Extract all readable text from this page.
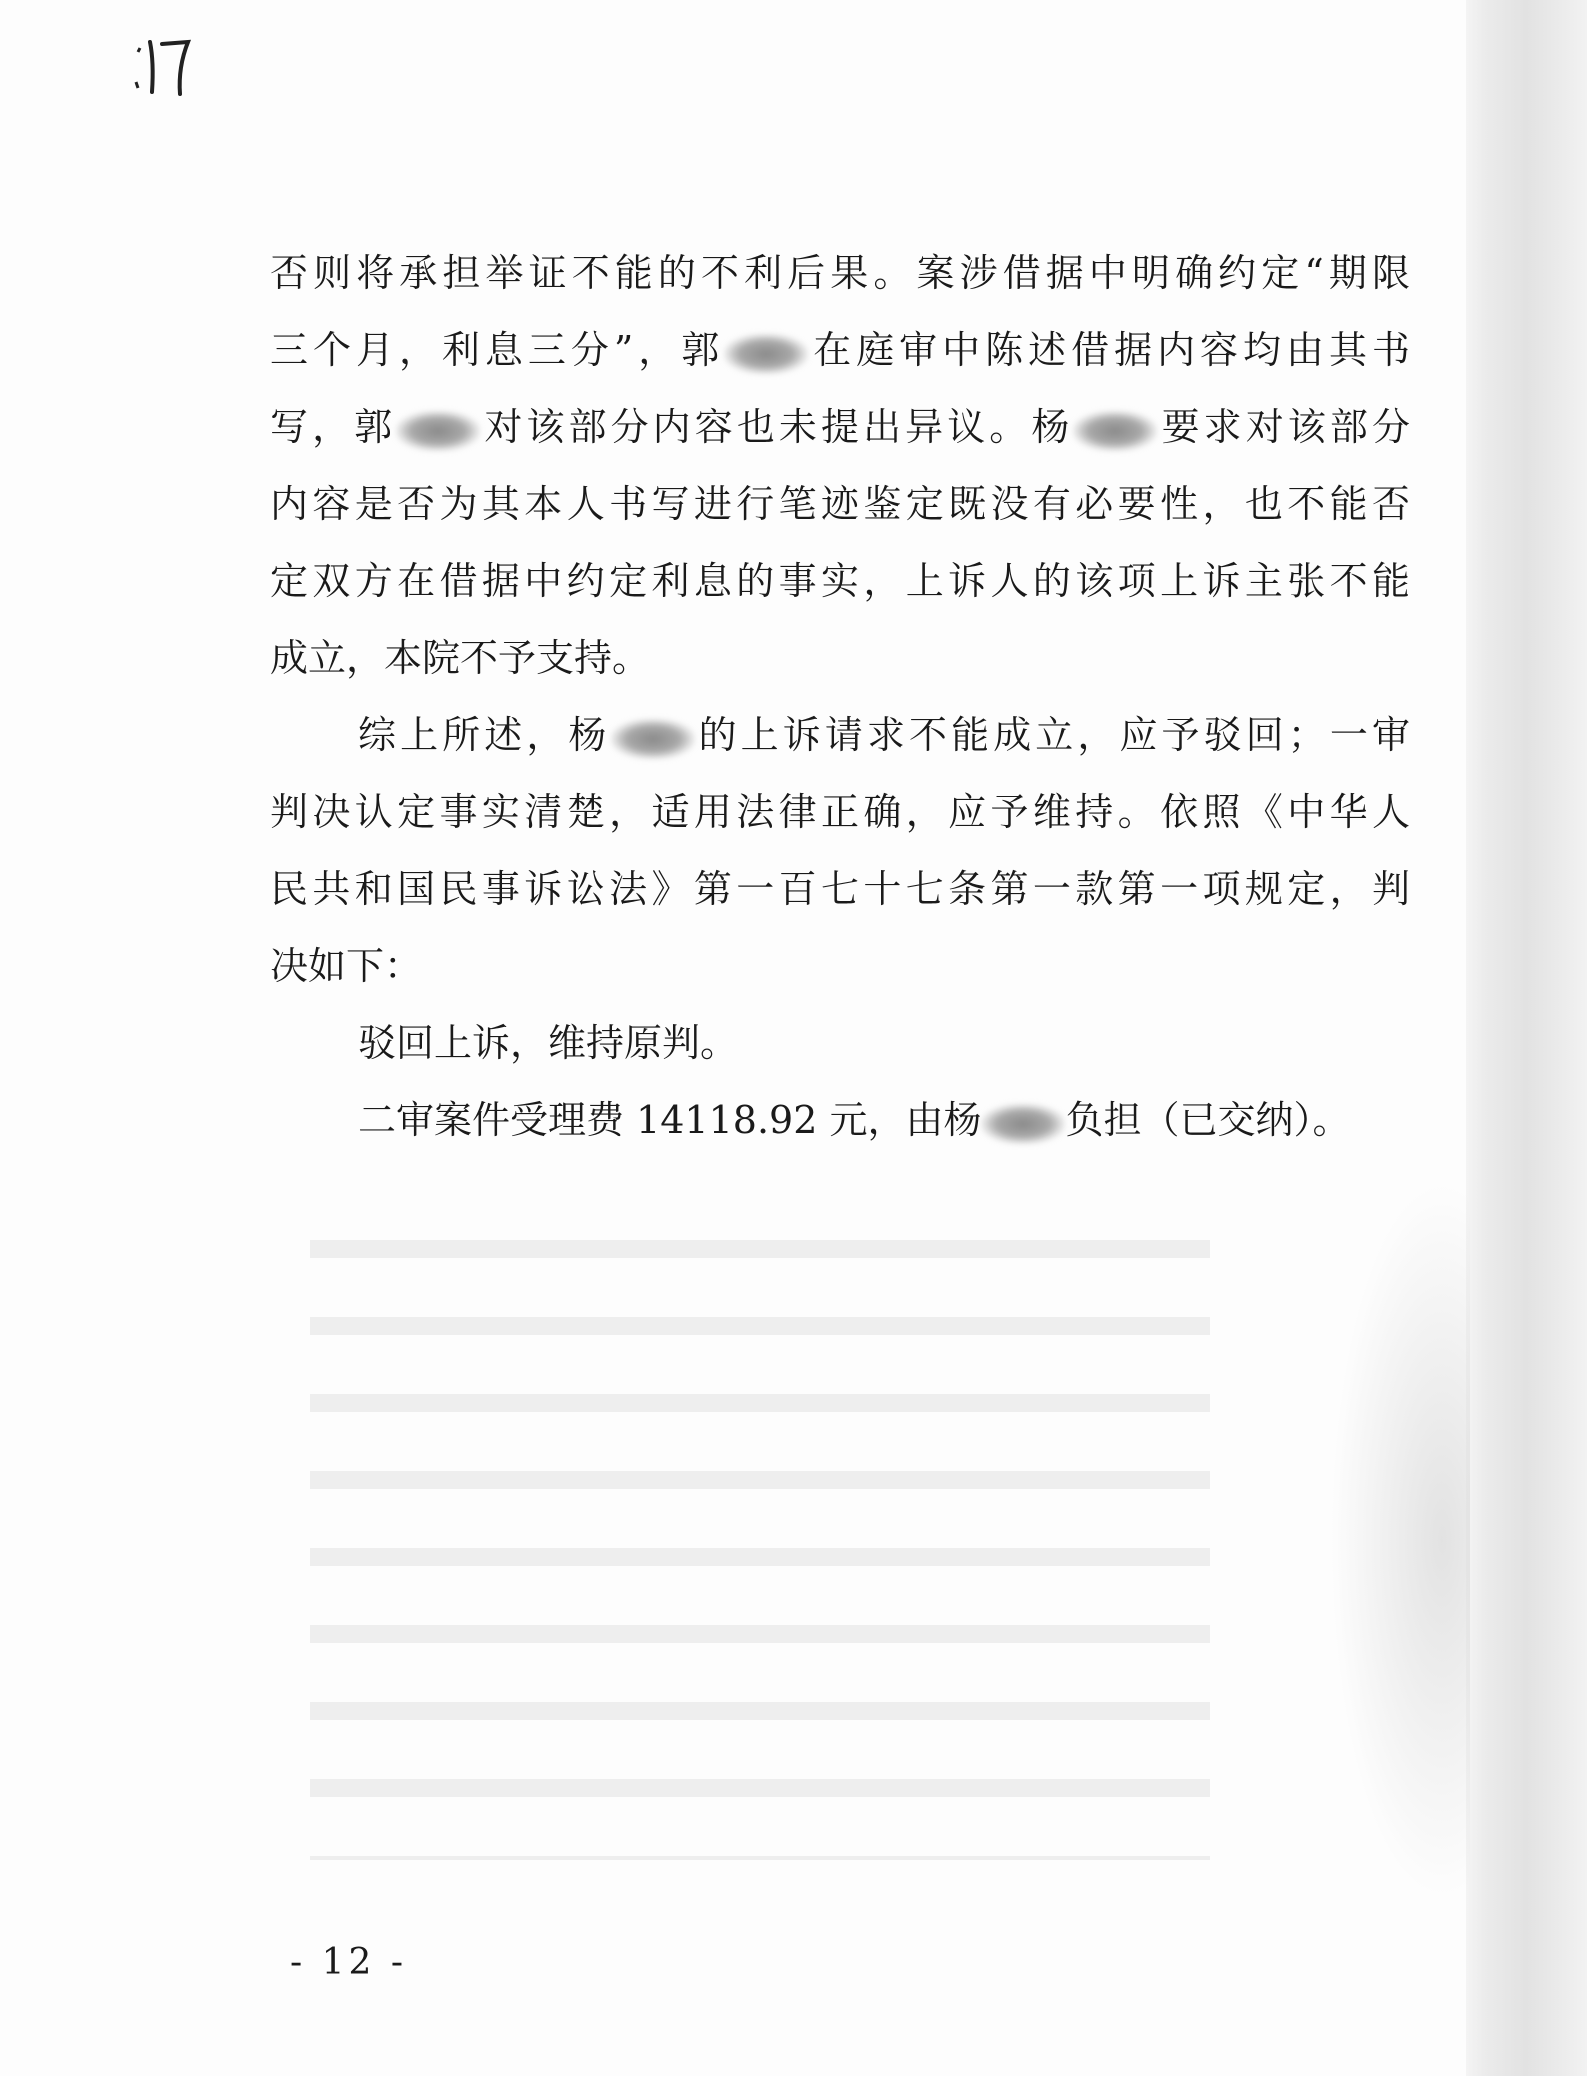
否则将承担举证不能的不利后果。案涉借据中明确约定“期限
三个月，利息三分”，郭 在庭审中陈述借据内容均由其书
写，郭 对该部分内容也未提出异议。杨 要求对该部分
内容是否为其本人书写进行笔迹鉴定既没有必要性，也不能否
定双方在借据中约定利息的事实，上诉人的该项上诉主张不能
成立，本院不予支持。
综上所述，杨 的上诉请求不能成立，应予驳回；一审
判决认定事实清楚，适用法律正确，应予维持。依照《中华人
民共和国民事诉讼法》第一百七十七条第一款第一项规定，判
决如下：
驳回上诉，维持原判。
二审案件受理费 14118.92 元，由杨 负担（已交纳）。
- 12 -
